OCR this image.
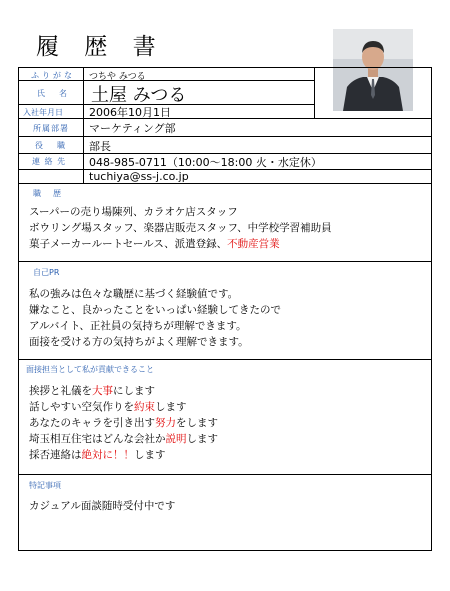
履 歴 書
ふりがな つちや みつる
氏　名 土屋 みつる
入社年月日 2006年10月1日
所属部署 マーケティング部
役　職 部長
連 絡 先 048-985-0711（10:00～18:00 火・水定休）
tuchiya@ss-j.co.jp
職　歴
スーパーの売り場陳列、カラオケ店スタッフ
ボウリング場スタッフ、楽器店販売スタッフ、中学校学習補助員
菓子メーカールートセールス、派遣登録、不動産営業
自己PR
私の強みは色々な職歴に基づく経験値です。
嫌なこと、良かったことをいっぱい経験してきたので
アルバイト、正社員の気持ちが理解できます。
面接を受ける方の気持ちがよく理解できます。
面接担当として私が貢献できること
挨拶と礼儀を大事にします
話しやすい空気作りを約束します
あなたのキャラを引き出す努力をします
埼玉相互住宅はどんな会社か説明します
採否連絡は絶対に！！します
特記事項
カジュアル面談随時受付中です
